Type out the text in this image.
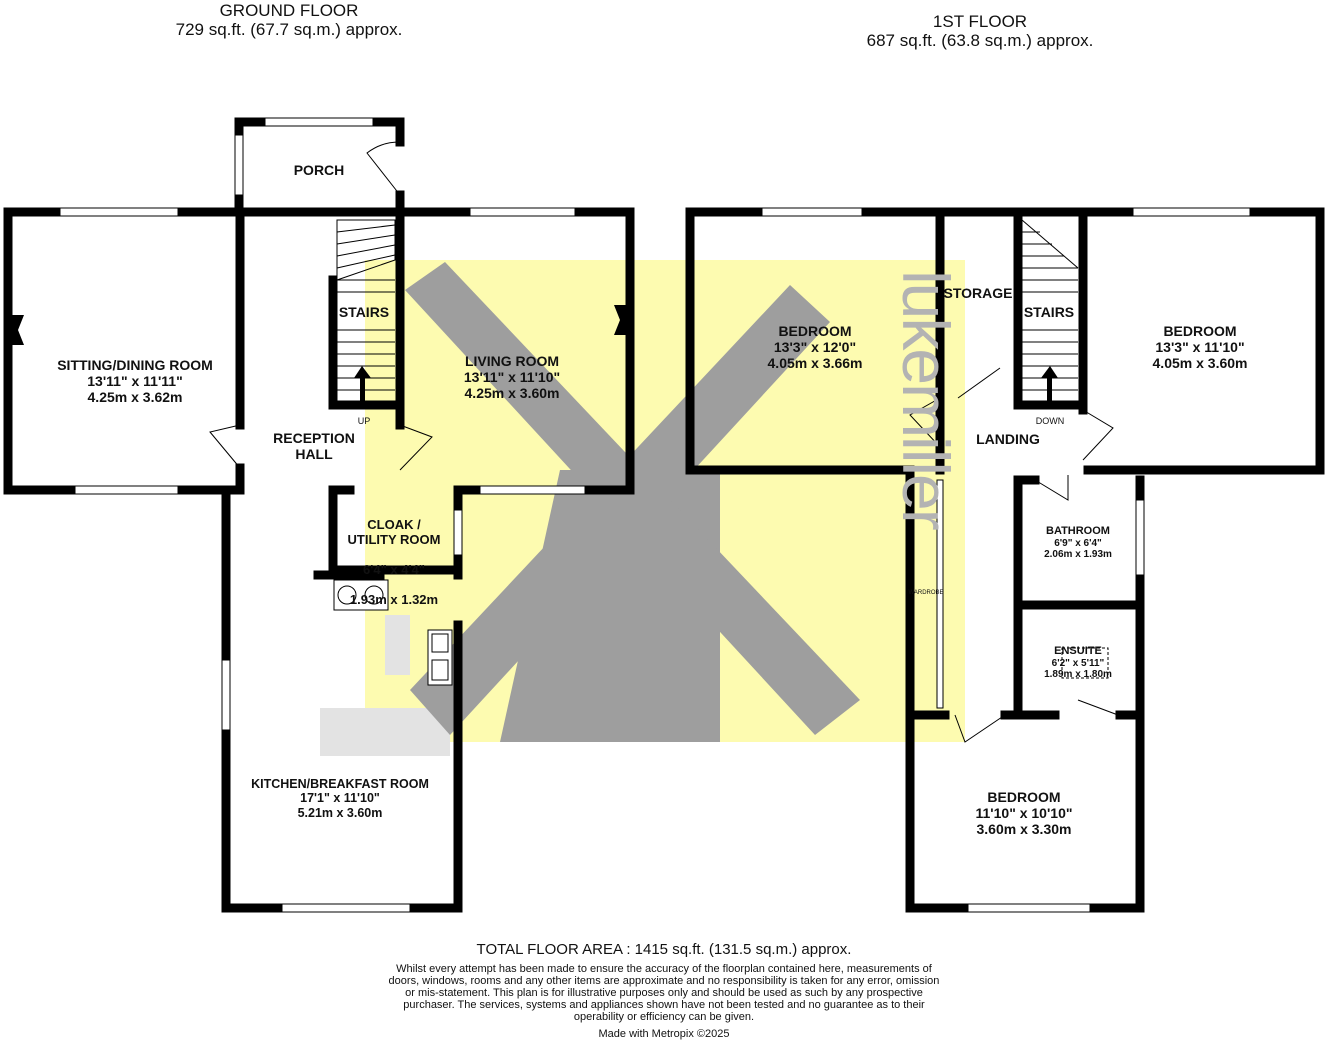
lukemiller
GROUND FLOOR
729 sq.ft. (67.7 sq.m.) approx.	1ST FLOOR
687 sq.ft. (63.8 sq.m.) approx.
PORCH
SITTING/DINING ROOM
13'11" x 11'11"
4.25m x 3.62m
STAIRS
UP
LIVING ROOM
13'11" x 11'10"
4.25m x 3.60m
RECEPTION
HALL

CLOAK /
UTILITY ROOM

6'4" x 4'4"

1.93m x 1.32m

KITCHEN/BREAKFAST ROOM
17'1" x 11'10"
5.21m x 3.60m
BEDROOM
13'3" x 12'0"
4.05m x 3.66m
STORAGE
STAIRS
DOWN
BEDROOM
13'3" x 11'10"
4.05m x 3.60m
LANDING
BATHROOM
6'9" x 6'4"
2.06m x 1.93m
ENSUITE
6'2" x 5'11"
1.89m x 1.80m
WARDROBE
BEDROOM
11'10" x 10'10"
3.60m x 3.30m
TOTAL FLOOR AREA : 1415 sq.ft. (131.5 sq.m.) approx.
Whilst every attempt has been made to ensure the accuracy of the floorplan contained here, measurements of doors, windows, rooms and any other items are approximate and no responsibility is taken for any error, omission or mis-statement. This plan is for illustrative purposes only and should be used as such by any prospective purchaser. The services, systems and appliances shown have not been tested and no guarantee as to their operability or efficiency can be given.
Made with Metropix ©2025
